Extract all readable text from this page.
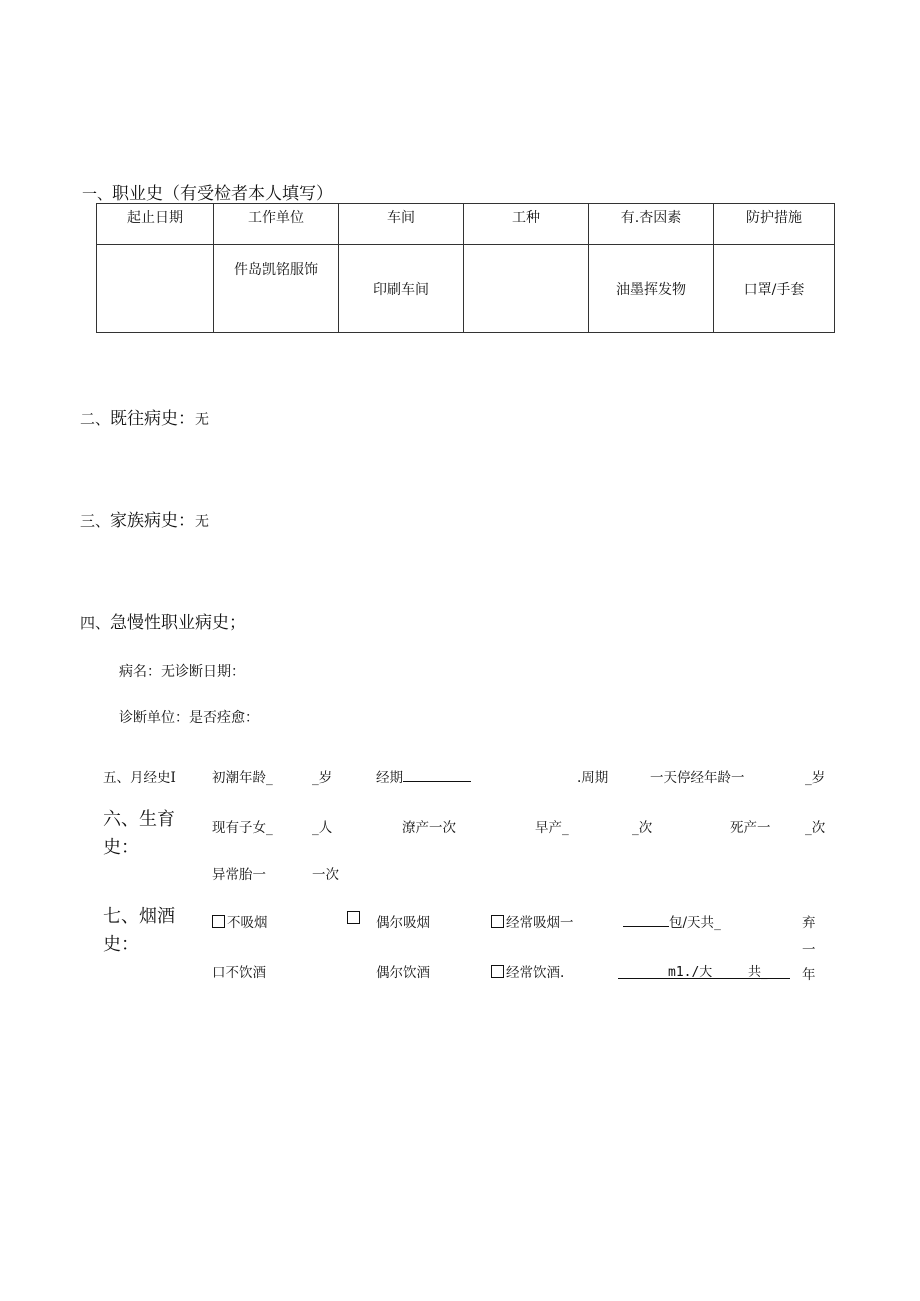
一、职业史（有受检者本人填写）
起止日期	工作单位	车间	工种	有.杏因素	防护措施
	件岛凯铭服饰	印刷车间		油墨挥发物	口罩/手套
二、既往病史：无
三、家族病史：无
四、急慢性职业病史；
病名：无诊断日期：
诊断单位：是否痊愈：
五、月经史I	初潮年龄_	_岁	经期	.周期	一天停经年龄一	_岁
六、生育史：
现有子女_	_人	潦产一次	早产_	_次	死产一	_次
异常胎一	一次
七、烟酒史：
不吸烟	偶尔吸烟	经常吸烟一	包/天共_	弃
一
口不饮酒	偶尔饮酒	经常饮酒.	m1./大	共_	年
